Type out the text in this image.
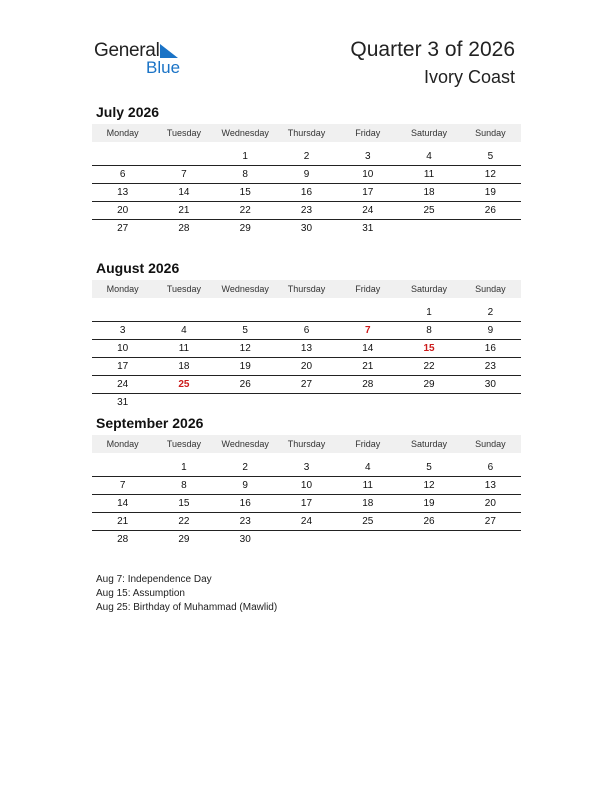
General
Blue
Quarter 3 of 2026
Ivory Coast
July 2026
Monday	Tuesday	Wednesday	Thursday	Friday	Saturday	Sunday

		1	2	3	4	5
6	7	8	9	10	11	12
13	14	15	16	17	18	19
20	21	22	23	24	25	26
27	28	29	30	31		
August 2026
Monday	Tuesday	Wednesday	Thursday	Friday	Saturday	Sunday

					1	2
3	4	5	6	7	8	9
10	11	12	13	14	15	16
17	18	19	20	21	22	23
24	25	26	27	28	29	30
31						
September 2026
Monday	Tuesday	Wednesday	Thursday	Friday	Saturday	Sunday

	1	2	3	4	5	6
7	8	9	10	11	12	13
14	15	16	17	18	19	20
21	22	23	24	25	26	27
28	29	30				
Aug 7: Independence Day
Aug 15: Assumption
Aug 25: Birthday of Muhammad (Mawlid)
